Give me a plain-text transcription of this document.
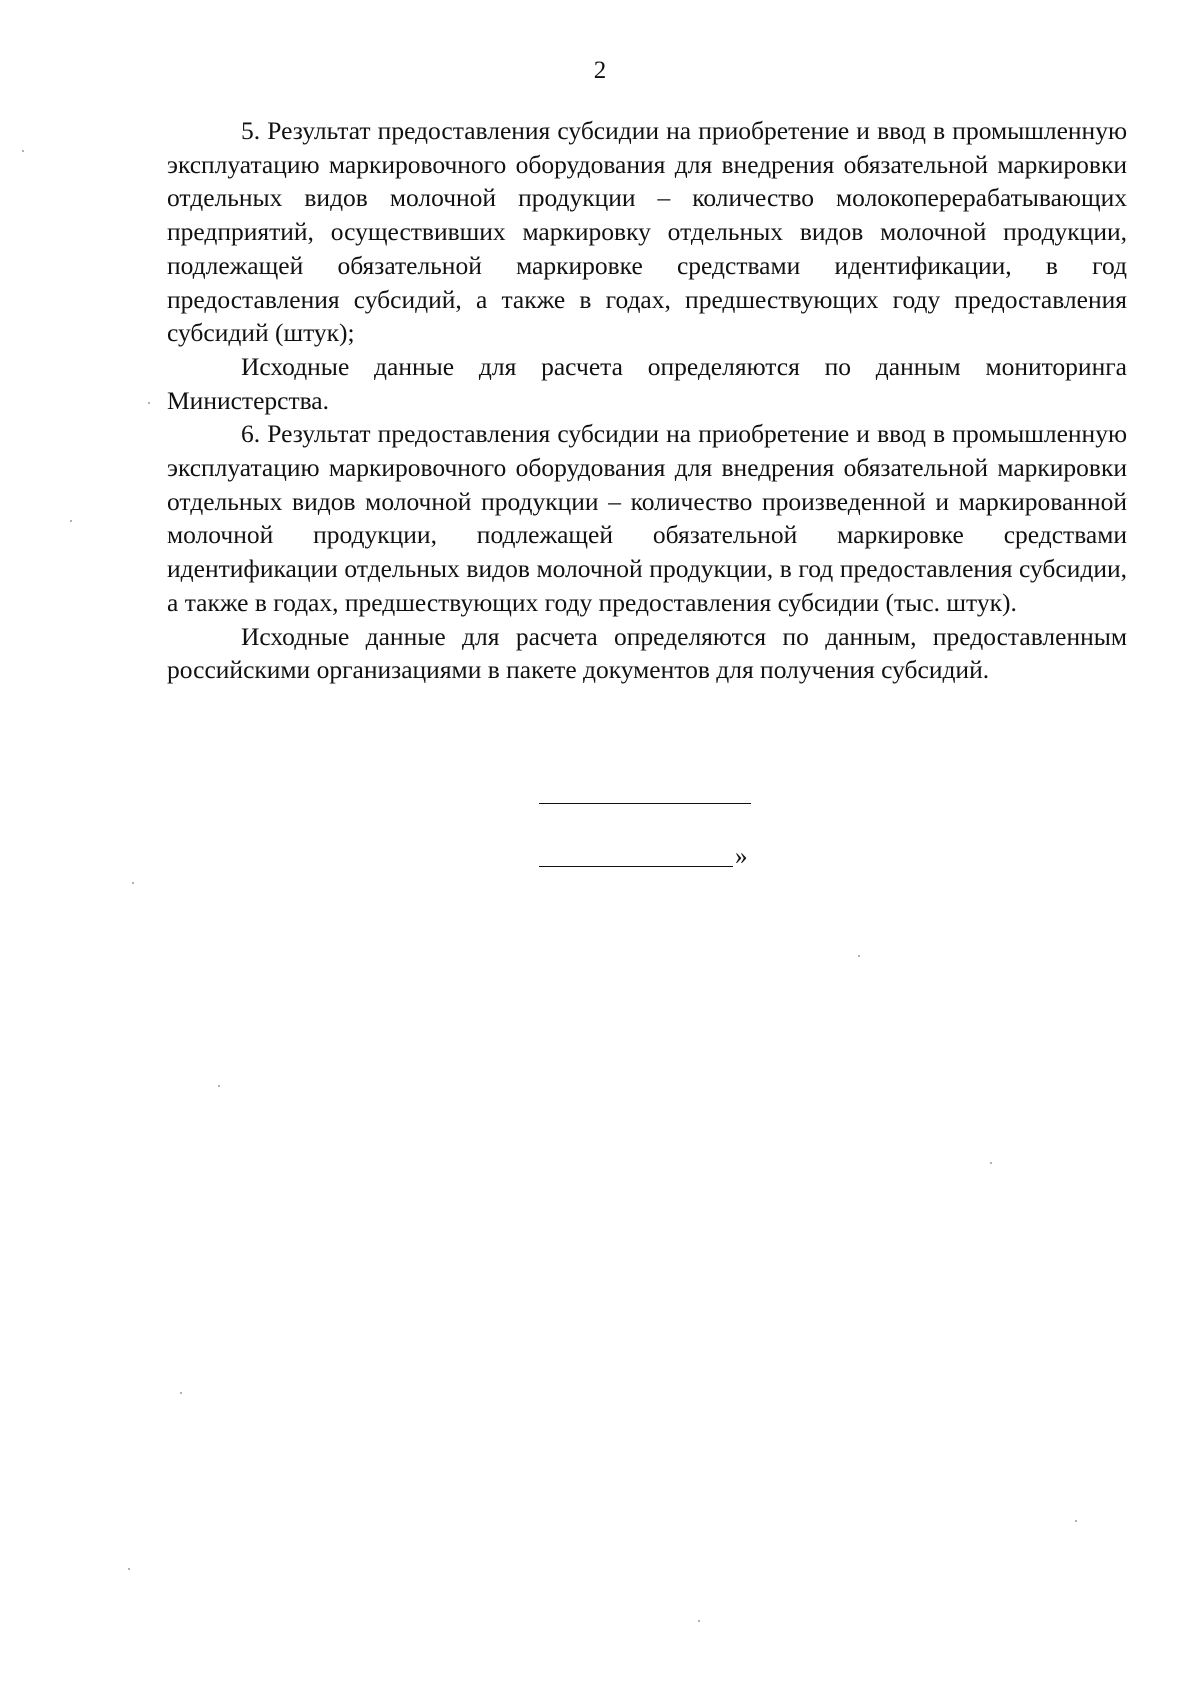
2

5. Результат предоставления субсидии на приобретение и ввод в промышленную эксплуатацию маркировочного оборудования для внедрения обязательной маркировки отдельных видов молочной продукции – количество молокоперерабатывающих предприятий, осуществивших маркировку отдельных видов молочной продукции, подлежащей обязательной маркировке средствами идентификации, в год предоставления субсидий, а также в годах, предшествующих году предоставления субсидий (штук);

Исходные данные для расчета определяются по данным мониторинга Министерства.

6. Результат предоставления субсидии на приобретение и ввод в промышленную эксплуатацию маркировочного оборудования для внедрения обязательной маркировки отдельных видов молочной продукции – количество произведенной и маркированной молочной продукции, подлежащей обязательной маркировке средствами идентификации отдельных видов молочной продукции, в год предоставления субсидии, а также в годах, предшествующих году предоставления субсидии (тыс. штук).

Исходные данные для расчета определяются по данным, предоставленным российскими организациями в пакете документов для получения субсидий.

»
